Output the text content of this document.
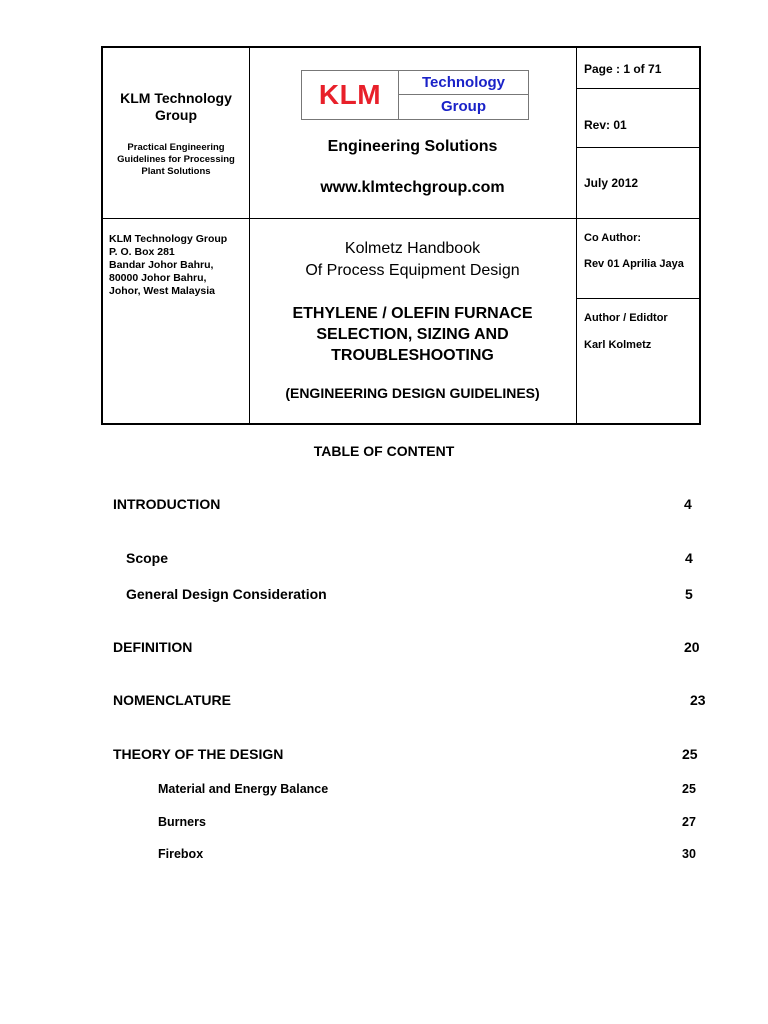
KLM Technology
Group
Practical Engineering
Guidelines for Processing
Plant Solutions
KLM	Technology
Group
Engineering Solutions
www.klmtechgroup.com
Page : 1 of 71
Rev: 01
July 2012
KLM Technology Group
P. O. Box 281
Bandar Johor Bahru,
80000 Johor Bahru,
Johor, West Malaysia
Kolmetz Handbook
Of Process Equipment Design
ETHYLENE / OLEFIN FURNACE
SELECTION, SIZING AND
TROUBLESHOOTING
(ENGINEERING DESIGN GUIDELINES)
Co Author:
Rev 01 Aprilia Jaya
Author / Edidtor
Karl Kolmetz
TABLE OF CONTENT
INTRODUCTION	4
Scope	4
General Design Consideration	5
DEFINITION	20
NOMENCLATURE	23
THEORY OF THE DESIGN	25
Material and Energy Balance	25
Burners	27
Firebox	30
